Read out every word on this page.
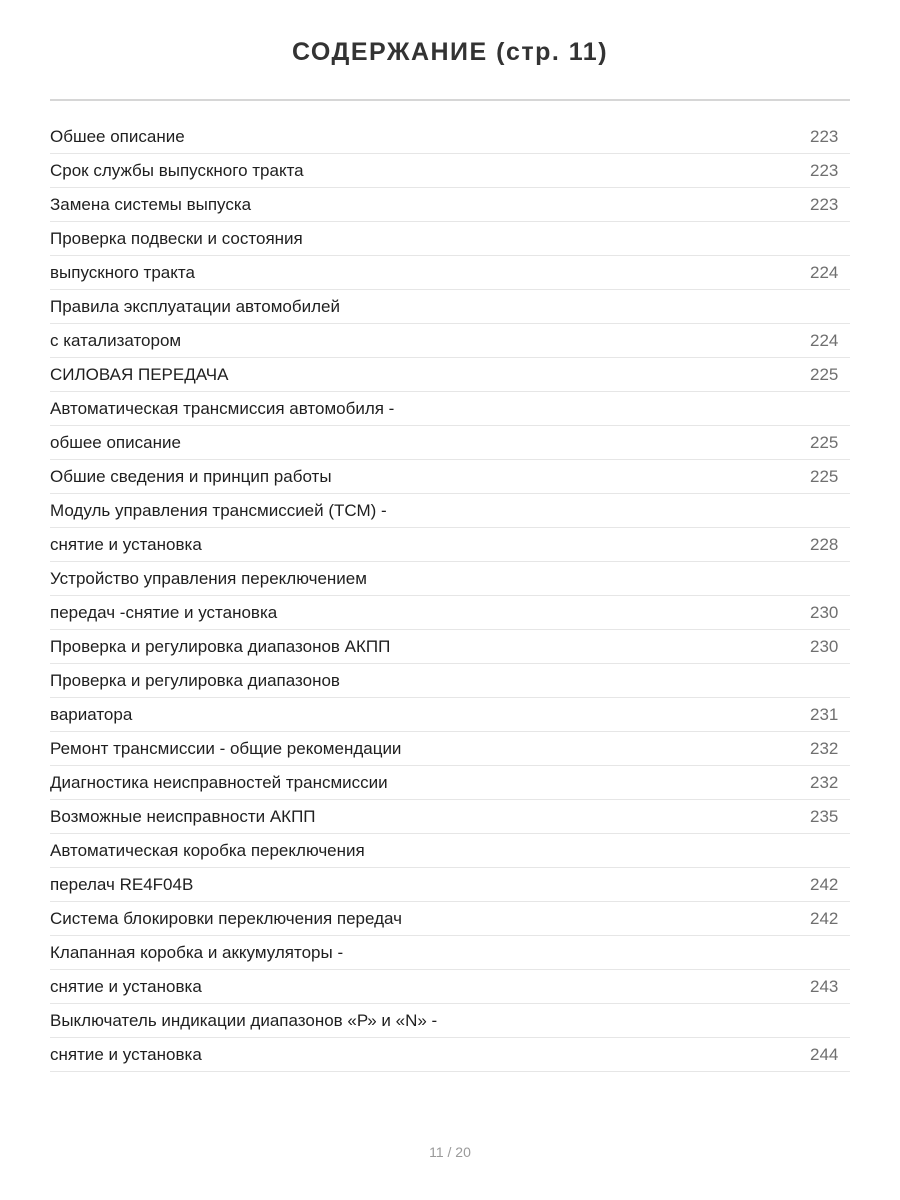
СОДЕРЖАНИЕ (стр. 11)
Обшее описание	223
Срок службы выпускного тракта	223
Замена системы выпуска	223
Проверка подвески и состояния
выпускного тракта	224
Правила эксплуатации автомобилей
с катализатором	224
СИЛОВАЯ ПЕРЕДАЧА	225
Автоматическая трансмиссия автомобиля -
обшее описание	225
Обшие сведения и принцип работы	225
Модуль управления трансмиссией (ТСМ) -
снятие и установка	228
Устройство управления переключением
передач -снятие и установка	230
Проверка и регулировка диапазонов АКПП	230
Проверка и регулировка диапазонов
вариатора	231
Ремонт трансмиссии - общие рекомендации	232
Диагностика неисправностей трансмиссии	232
Возможные неисправности АКПП	235
Автоматическая коробка переключения
перелач RE4F04B	242
Система блокировки переключения передач	242
Клапанная коробка и аккумуляторы -
снятие и установка	243
Выключатель индикации диапазонов «Р» и «N» -
снятие и установка	244
11 / 20
